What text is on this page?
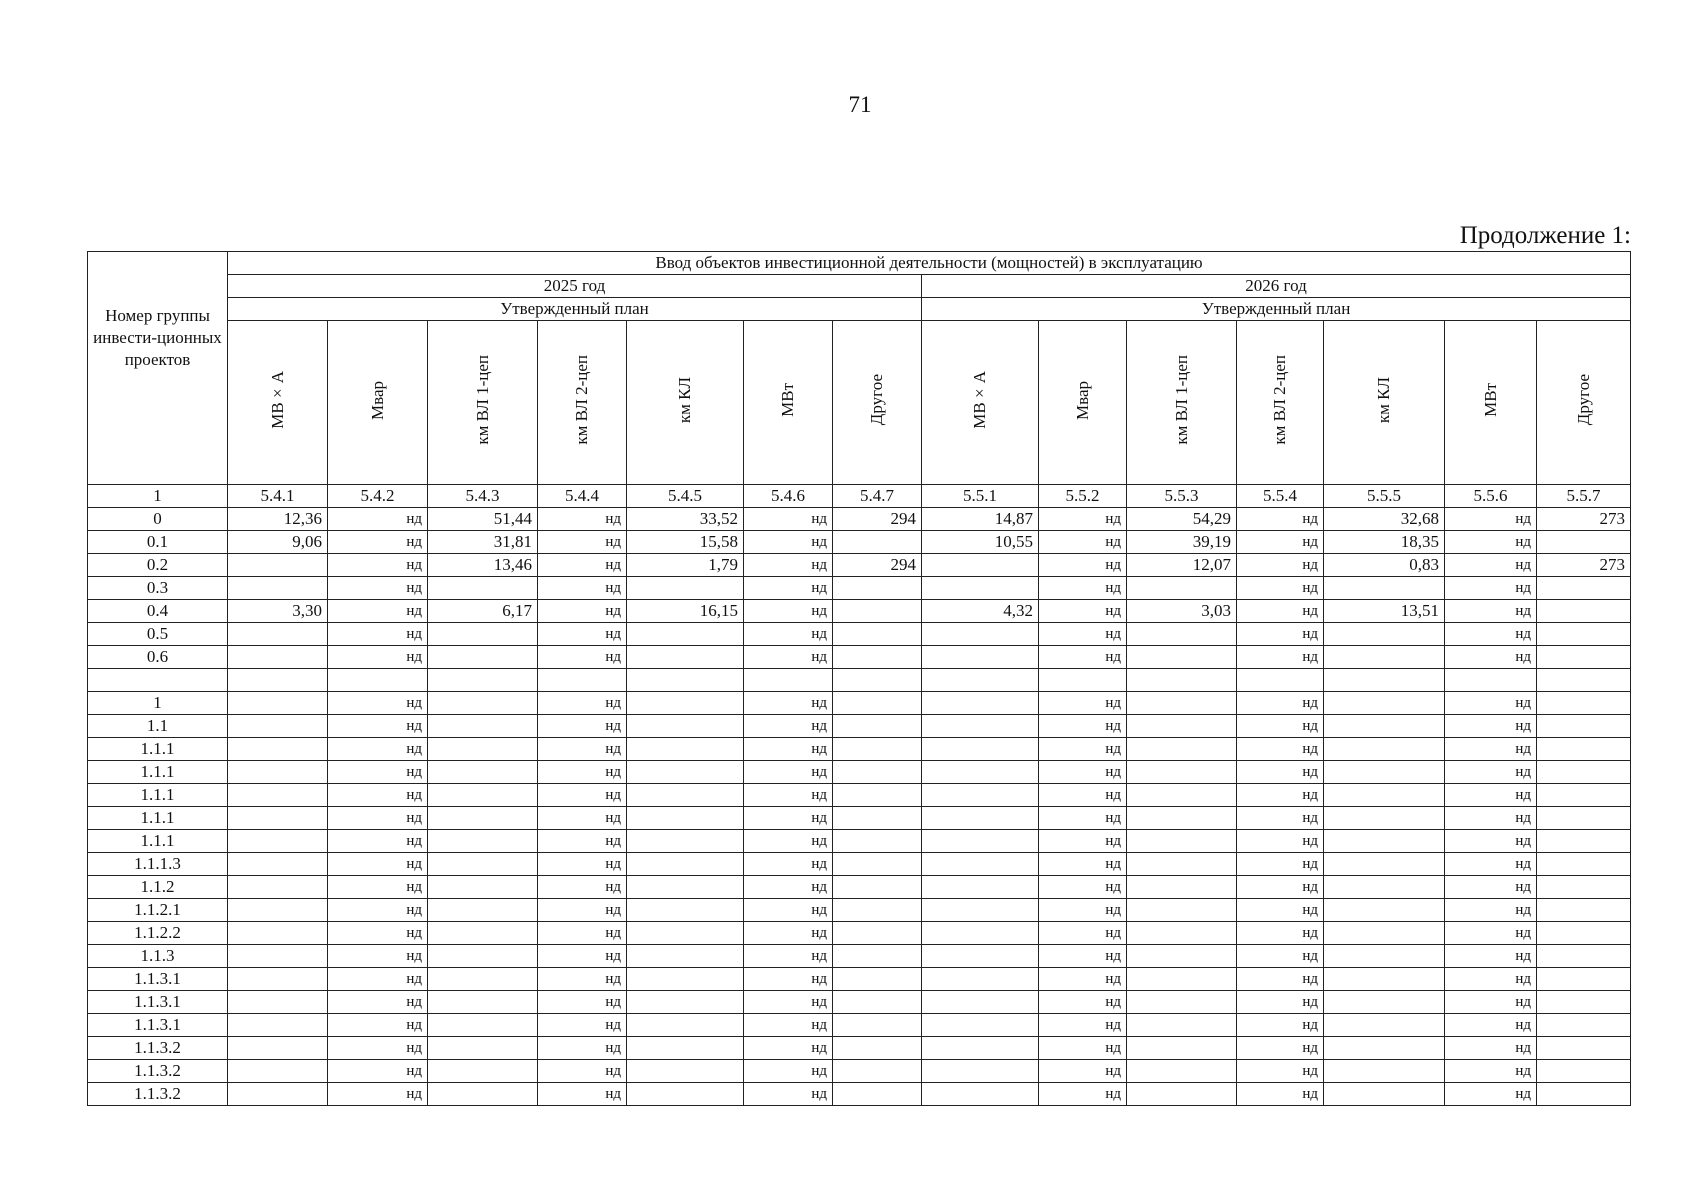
71
Продолжение 1:
Номер группы инвести-ционных проектов	Ввод объектов инвестиционной деятельности (мощностей) в эксплуатацию													
	2025 год							2026 год						
	Утвержденный план							Утвержденный план						
	МВ×А	Мвар	км ВЛ 1-цеп	км ВЛ 2-цеп	км КЛ	МВт	Другое	МВ×А	Мвар	км ВЛ 1-цеп	км ВЛ 2-цеп	км КЛ	МВт	Другое
1	5.4.1	5.4.2	5.4.3	5.4.4	5.4.5	5.4.6	5.4.7	5.5.1	5.5.2	5.5.3	5.5.4	5.5.5	5.5.6	5.5.7
0	12,36	нд	51,44	нд	33,52	нд	294	14,87	нд	54,29	нд	32,68	нд	273
0.1	9,06	нд	31,81	нд	15,58	нд		10,55	нд	39,19	нд	18,35	нд	
0.2		нд	13,46	нд	1,79	нд	294		нд	12,07	нд	0,83	нд	273
0.3		нд		нд		нд			нд		нд		нд	
0.4	3,30	нд	6,17	нд	16,15	нд		4,32	нд	3,03	нд	13,51	нд	
0.5		нд		нд		нд			нд		нд		нд	
0.6		нд		нд		нд			нд		нд		нд	

1		нд		нд		нд			нд		нд		нд	
1.1		нд		нд		нд			нд		нд		нд	
1.1.1		нд		нд		нд			нд		нд		нд	
1.1.1		нд		нд		нд			нд		нд		нд	
1.1.1		нд		нд		нд			нд		нд		нд	
1.1.1		нд		нд		нд			нд		нд		нд	
1.1.1		нд		нд		нд			нд		нд		нд	
1.1.1.3		нд		нд		нд			нд		нд		нд	
1.1.2		нд		нд		нд			нд		нд		нд	
1.1.2.1		нд		нд		нд			нд		нд		нд	
1.1.2.2		нд		нд		нд			нд		нд		нд	
1.1.3		нд		нд		нд			нд		нд		нд	
1.1.3.1		нд		нд		нд			нд		нд		нд	
1.1.3.1		нд		нд		нд			нд		нд		нд	
1.1.3.1		нд		нд		нд			нд		нд		нд	
1.1.3.2		нд		нд		нд			нд		нд		нд	
1.1.3.2		нд		нд		нд			нд		нд		нд	
1.1.3.2		нд		нд		нд			нд		нд		нд	
